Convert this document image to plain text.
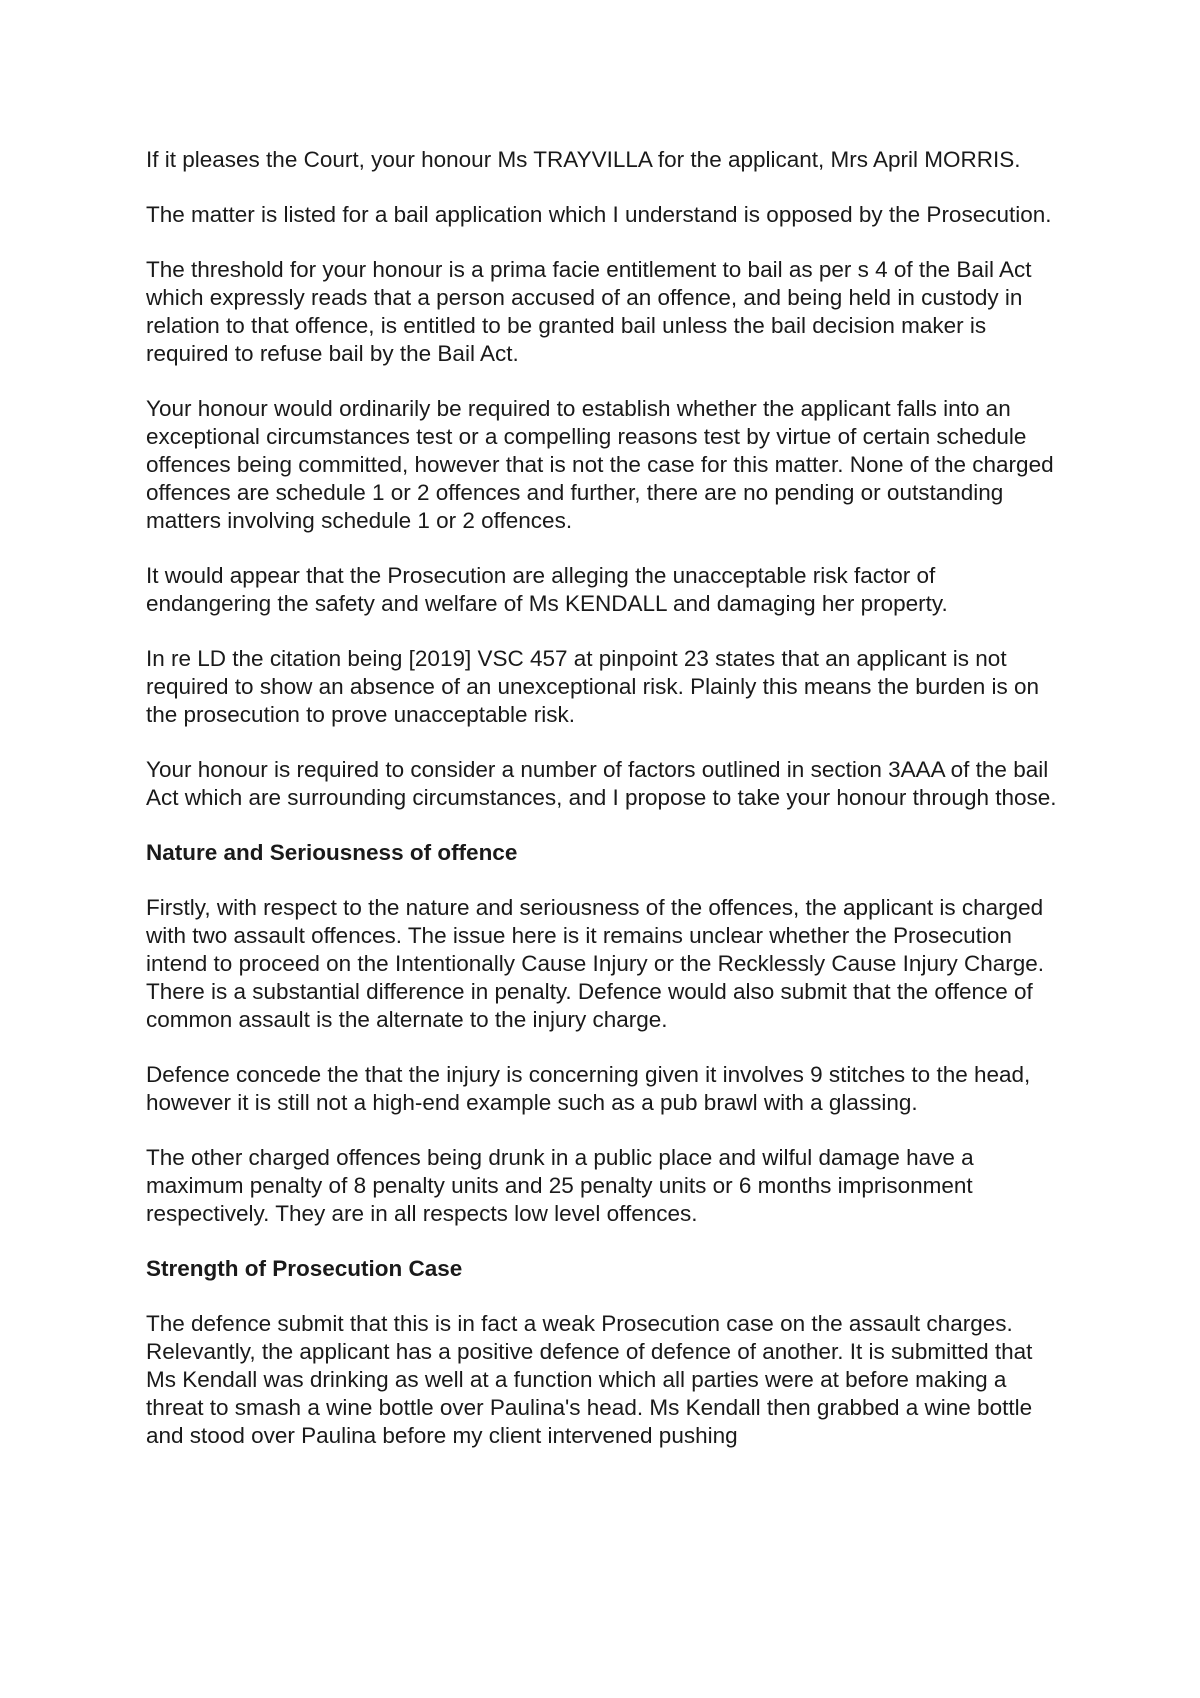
If it pleases the Court, your honour Ms TRAYVILLA for the applicant, Mrs April MORRIS.

The matter is listed for a bail application which I understand is opposed by the Prosecution.

The threshold for your honour is a prima facie entitlement to bail as per s 4 of the Bail Act which expressly reads that a person accused of an offence, and being held in custody in relation to that offence, is entitled to be granted bail unless the bail decision maker is required to refuse bail by the Bail Act.

Your honour would ordinarily be required to establish whether the applicant falls into an exceptional circumstances test or a compelling reasons test by virtue of certain schedule offences being committed, however that is not the case for this matter. None of the charged offences are schedule 1 or 2 offences and further, there are no pending or outstanding matters involving schedule 1 or 2 offences.

It would appear that the Prosecution are alleging the unacceptable risk factor of endangering the safety and welfare of Ms KENDALL and damaging her property.

In re LD the citation being [2019] VSC 457 at pinpoint 23 states that an applicant is not required to show an absence of an unexceptional risk. Plainly this means the burden is on the prosecution to prove unacceptable risk.

Your honour is required to consider a number of factors outlined in section 3AAA of the bail Act which are surrounding circumstances, and I propose to take your honour through those.

Nature and Seriousness of offence

Firstly, with respect to the nature and seriousness of the offences, the applicant is charged with two assault offences. The issue here is it remains unclear whether the Prosecution intend to proceed on the Intentionally Cause Injury or the Recklessly Cause Injury Charge. There is a substantial difference in penalty. Defence would also submit that the offence of common assault is the alternate to the injury charge.

Defence concede the that the injury is concerning given it involves 9 stitches to the head, however it is still not a high-end example such as a pub brawl with a glassing.

The other charged offences being drunk in a public place and wilful damage have a maximum penalty of 8 penalty units and 25 penalty units or 6 months imprisonment respectively. They are in all respects low level offences.

Strength of Prosecution Case

The defence submit that this is in fact a weak Prosecution case on the assault charges. Relevantly, the applicant has a positive defence of defence of another. It is submitted that Ms Kendall was drinking as well at a function which all parties were at before making a threat to smash a wine bottle over Paulina's head. Ms Kendall then grabbed a wine bottle and stood over Paulina before my client intervened pushing
